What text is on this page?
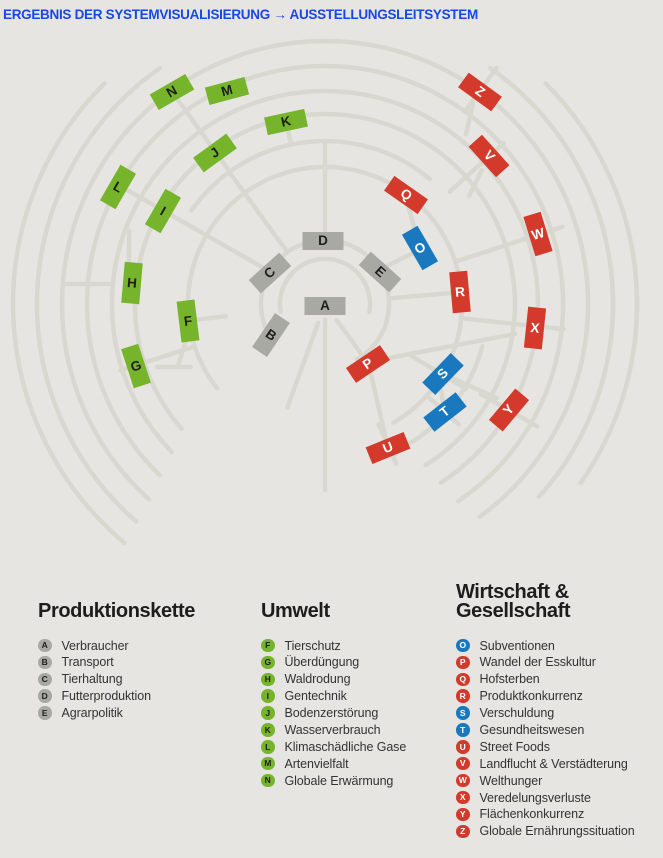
ERGEBNIS DER SYSTEMVISUALISIERUNG → AUSSTELLUNGSLEITSYSTEM
A
B
C
D
E
F
G
H
I
J
K
L
M
N
O
P
Q
R
S
T
U
V
W
X
Y
Z
Produktionskette
A Verbraucher
B Transport
C Tierhaltung
D Futterproduktion
E	Agrarpolitik
Umwelt
F	Tierschutz
G Überdüngung
H Waldrodung
I	Gentechnik
J	Bodenzerstörung
K Wasserverbrauch
L	Klimaschädliche Gase
M Artenvielfalt
N Globale Erwärmung
Wirtschaft & Gesellschaft
O Subventionen
P	Wandel der Esskultur
Q Hofsterben
R Produktkonkurrenz
S	Verschuldung
T	Gesundheitswesen
U Street Foods
V	Landflucht & Verstädterung
W Welthunger
X	Veredelungsverluste
Y	Flächenkonkurrenz
Z	Globale Ernährungssituation
